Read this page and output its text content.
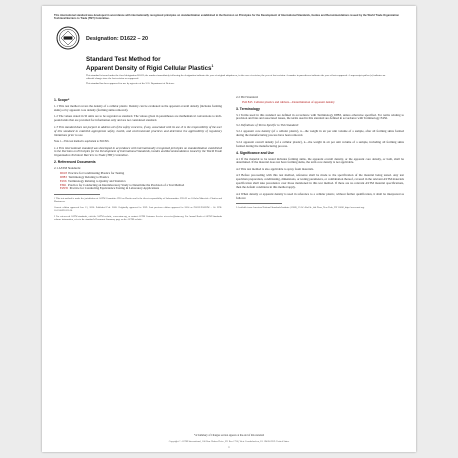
This international standard was developed in accordance with internationally recognized principles on standardization established in the Decision on Principles for the Development of International Standards, Guides and Recommendations issued by the World Trade Organization Technical Barriers to Trade (TBT) Committee.
Designation: D1622 – 20
Standard Test Method for
Apparent Density of Rigid Cellular Plastics$^1$

This standard is issued under the fixed designation D1622; the number immediately following the designation indicates the year of original adoption or, in the case of revision, the year of last revision. A number in parentheses indicates the year of last reapproval. A superscript epsilon (ε) indicates an editorial change since the last revision or reapproval.

This standard has been approved for use by agencies of the U.S. Department of Defense.

1. Scope*

1.1 This test method covers the density of a cellular plastic. Density can be evaluated as the apparent overall density (includes forming skins) or by apparent core density (forming skins removed).

1.2 The values stated in SI units are to be regarded as standard. The values given in parentheses are mathematical conversions to inch-pound units that are provided for information only and are not considered standard.

1.3 This standard does not purport to address all of the safety concerns, if any, associated with its use. It is the responsibility of the user of this standard to establish appropriate safety, health, and environmental practices and determine the applicability of regulatory limitations prior to use.

Note 1—This test method is equivalent to ISO 845.

1.4 This international standard was developed in accordance with internationally recognized principles on standardization established in the Decision on Principles for the Development of International Standards, Guides and Recommendations issued by the World Trade Organization Technical Barriers to Trade (TBT) Committee.

2. Referenced Documents

2.1 ASTM Standards:

D618 Practice for Conditioning Plastics for Testing
D883 Terminology Relating to Plastics
E456 Terminology Relating to Quality and Statistics
E691 Practice for Conducting an Interlaboratory Study to Determine the Precision of a Test Method
E2935 Practice for Conducting Equivalence Testing in Laboratory Applications

1 This test method is under the jurisdiction of ASTM Committee D20 on Plastics and is the direct responsibility of Subcommittee D20.22 on Cellular Materials - Plastics and Elastomers.

Current edition approved Jan. 15, 2020. Published Feb. 2020. Originally approved in 1959. Last previous edition approved in 2014 as D1622/D1622M – 14. DOI: 10.1520/D1622-20.

2 For referenced ASTM standards, visit the ASTM website, www.astm.org, or contact ASTM Customer Service at service@astm.org. For Annual Book of ASTM Standards volume information, refer to the standard's Document Summary page on the ASTM website.

2.2 ISO Standard:

ISO 845 Cellular plastics and rubbers—Determination of apparent density
3. Terminology

3.1 Terms used in this standard are defined in accordance with Terminology D883, unless otherwise specified. For terms relating to precision and bias and associated issues, the terms used in this standard are defined in accordance with Terminology E456.

3.2 Definitions of Terms Specific to This Standard:

3.2.1 apparent core density (of a cellular plastic), n—the weight in air per unit volume of a sample, after all forming skins formed during the manufacturing process have been removed.

3.2.2 apparent overall density (of a cellular plastic), n—the weight in air per unit volume of a sample, including all forming skins formed during the manufacturing process.

4. Significance and Use

4.1 If the material to be tested includes forming skins, the apparent overall density, or the apparent core density, or both, shall be determined. If the material does not have forming skins, the term core density is not applicable.

4.2 This test method is also applicable to spray foam materials.

4.3 Before proceeding with this test method, reference shall be made to the specification of the material being tested. Any test specimen preparation, conditioning, dimensions, or testing parameters, or combination thereof, covered in the relevant ASTM materials specification shall take precedence over those mentioned in this test method. If there are no relevant ASTM material specifications, then the default conditions in this method apply.

4.4 When density or apparent density is used in reference to a cellular plastic, without further qualification, it shall be interpreted as follows:

3 Available from American National Standards Institute (ANSI), 25 W. 43rd St., 4th Floor, New York, NY 10036, http://www.ansi.org.

*A Summary of Changes section appears at the end of this standard
Copyright © ASTM International, 100 Barr Harbor Drive, PO Box C700, West Conshohocken, PA 19428-2959. United States
1
